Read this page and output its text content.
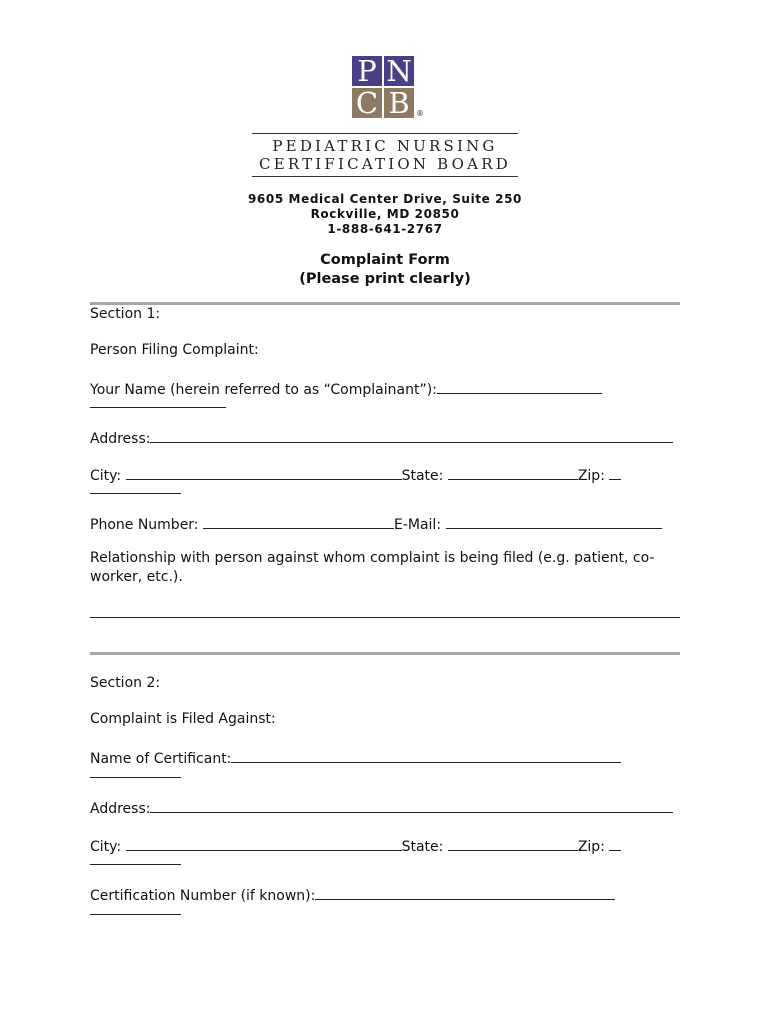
P N
C B ®
PEDIATRIC NURSING
CERTIFICATION BOARD
9605 Medical Center Drive, Suite 250
Rockville, MD 20850
1-888-641-2767
Complaint Form
(Please print clearly)
Section 1:
Person Filing Complaint:
Your Name (herein referred to as “Complainant”):
Address:
City:	State:	Zip:
Phone Number:	E-Mail:
Relationship with person against whom complaint is being filed (e.g. patient, co-worker, etc.).
Section 2:
Complaint is Filed Against:
Name of Certificant:
Address:
City:	State:	Zip:
Certification Number (if known):
